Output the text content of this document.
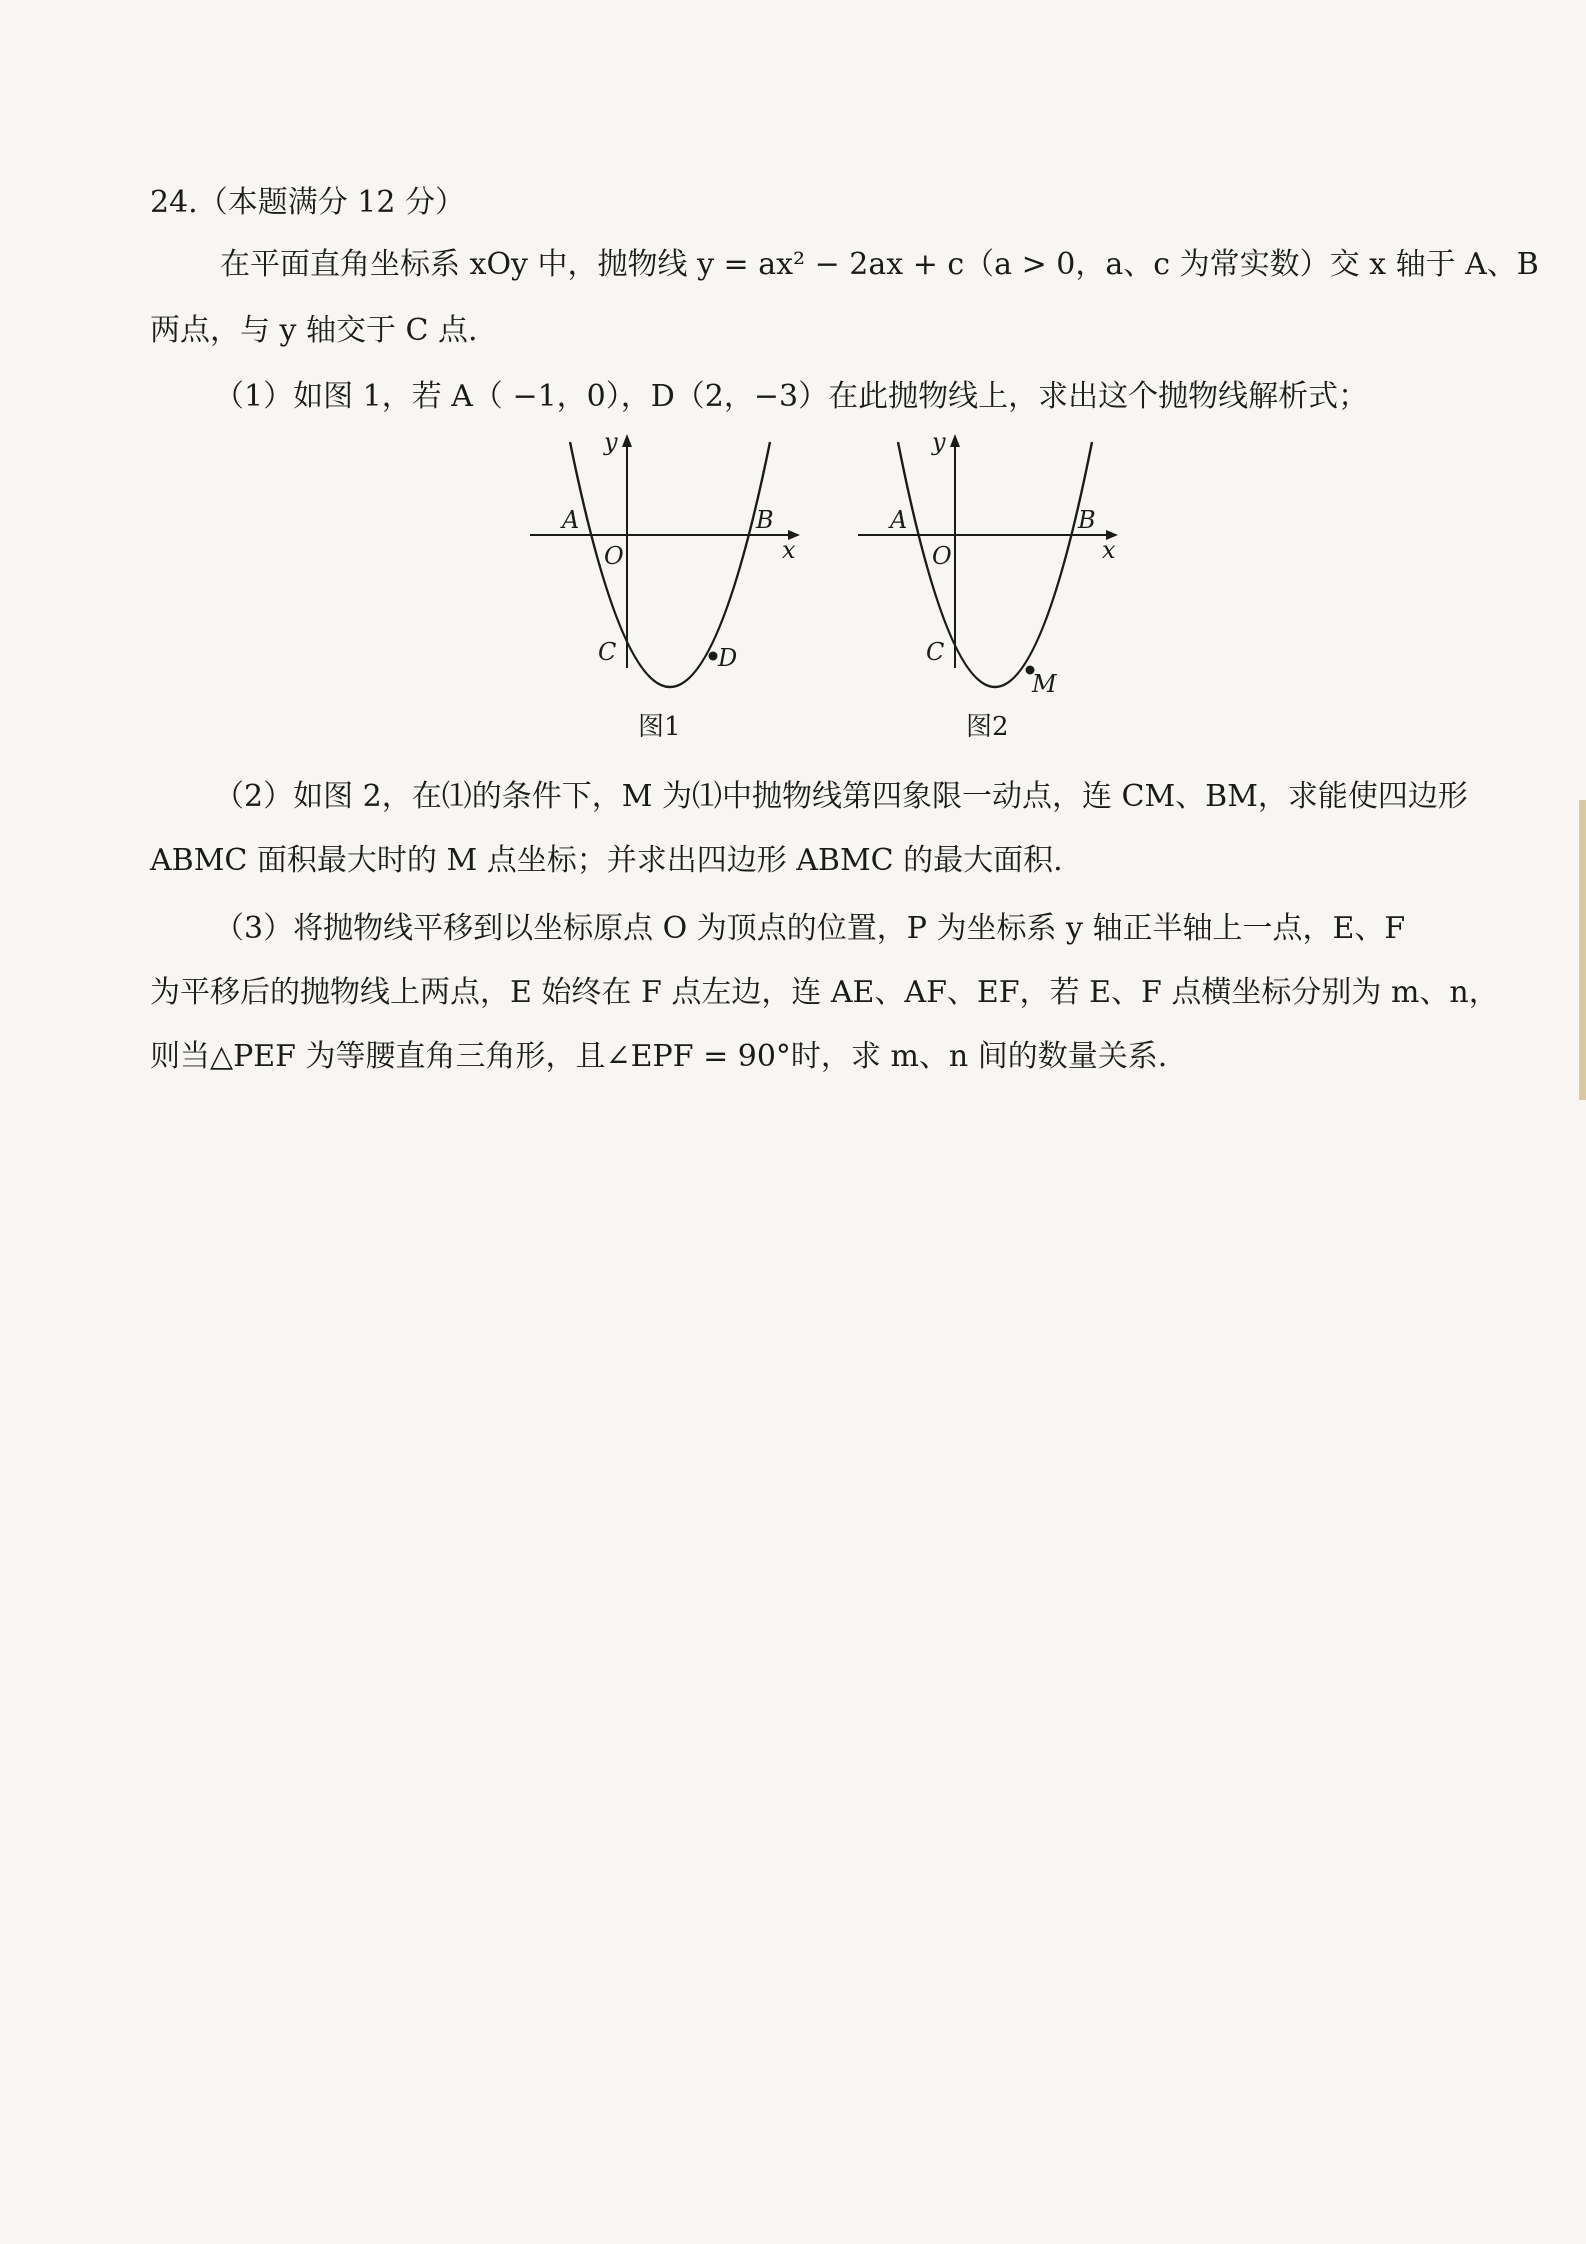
24.（本题满分 12 分）
在平面直角坐标系 xOy 中，抛物线 y = ax² − 2ax + c（a > 0，a、c 为常实数）交 x 轴于 A、B
两点，与 y 轴交于 C 点.
（1）如图 1，若 A（ −1，0），D（2，−3）在此抛物线上，求出这个抛物线解析式；
y
x
O
A	B
C	D
图1
y
x
O
A	B
C
M
图2
（2）如图 2，在⑴的条件下，M 为⑴中抛物线第四象限一动点，连 CM、BM，求能使四边形
ABMC 面积最大时的 M 点坐标；并求出四边形 ABMC 的最大面积.
（3）将抛物线平移到以坐标原点 O 为顶点的位置，P 为坐标系 y 轴正半轴上一点，E、F
为平移后的抛物线上两点，E 始终在 F 点左边，连 AE、AF、EF，若 E、F 点横坐标分别为 m、n，
则当△PEF 为等腰直角三角形，且∠EPF = 90°时，求 m、n 间的数量关系.
